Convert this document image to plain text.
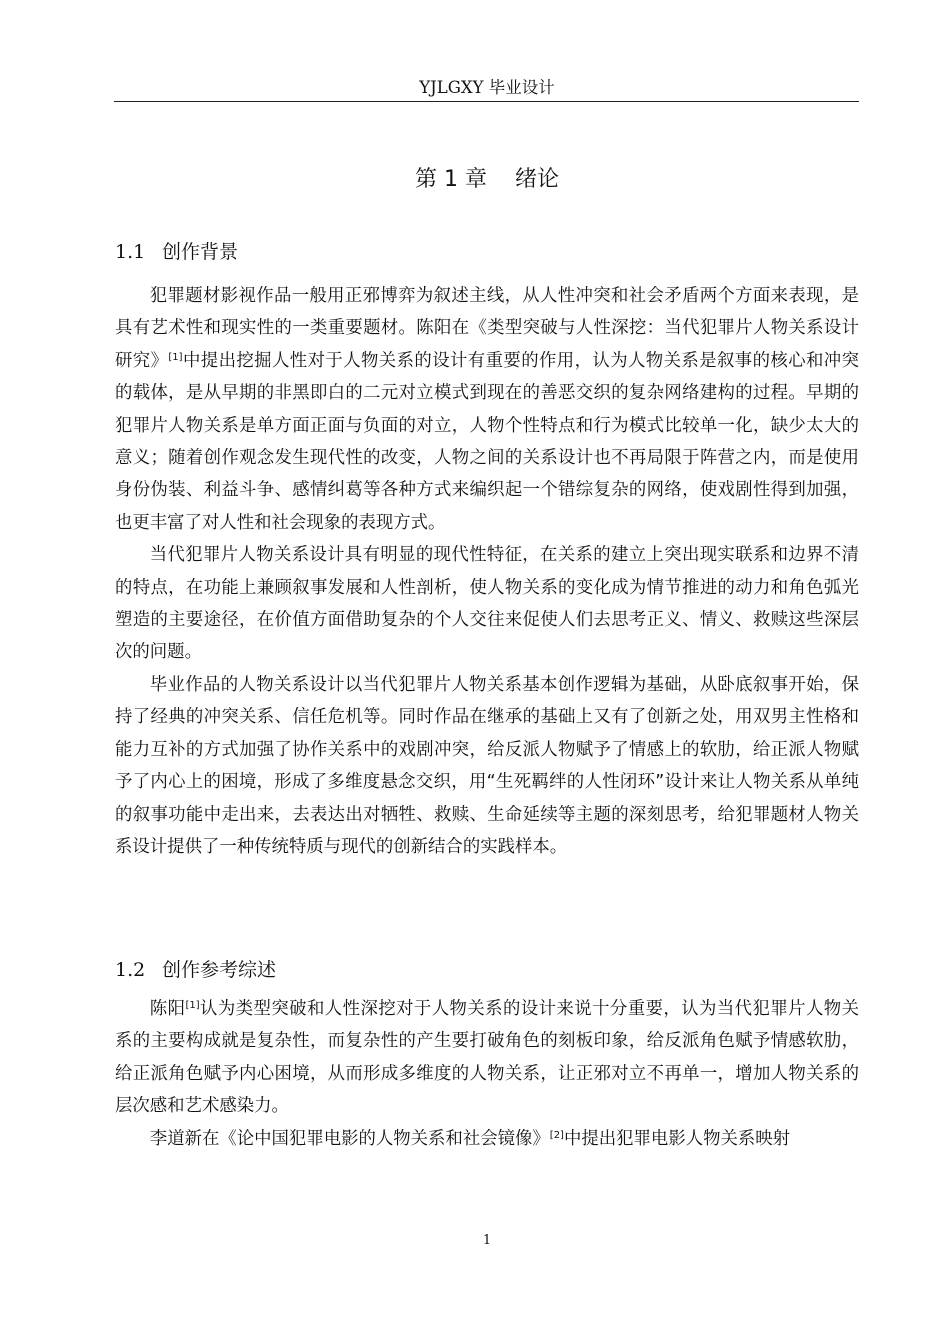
YJLGXY 毕业设计
第 1 章 绪论
1.1 创作背景

犯罪题材影视作品一般用正邪博弈为叙述主线，从人性冲突和社会矛盾两个方面来表现，是具有艺术性和现实性的一类重要题材。陈阳在《类型突破与人性深挖：当代犯罪片人物关系设计研究》[1]中提出挖掘人性对于人物关系的设计有重要的作用，认为人物关系是叙事的核心和冲突的载体，是从早期的非黑即白的二元对立模式到现在的善恶交织的复杂网络建构的过程。早期的犯罪片人物关系是单方面正面与负面的对立，人物个性特点和行为模式比较单一化，缺少太大的意义；随着创作观念发生现代性的改变，人物之间的关系设计也不再局限于阵营之内，而是使用身份伪装、利益斗争、感情纠葛等各种方式来编织起一个错综复杂的网络，使戏剧性得到加强，也更丰富了对人性和社会现象的表现方式。

当代犯罪片人物关系设计具有明显的现代性特征，在关系的建立上突出现实联系和边界不清的特点，在功能上兼顾叙事发展和人性剖析，使人物关系的变化成为情节推进的动力和角色弧光塑造的主要途径，在价值方面借助复杂的个人交往来促使人们去思考正义、情义、救赎这些深层次的问题。

毕业作品的人物关系设计以当代犯罪片人物关系基本创作逻辑为基础，从卧底叙事开始，保持了经典的冲突关系、信任危机等。同时作品在继承的基础上又有了创新之处，用双男主性格和能力互补的方式加强了协作关系中的戏剧冲突，给反派人物赋予了情感上的软肋，给正派人物赋予了内心上的困境，形成了多维度悬念交织，用“生死羁绊的人性闭环”设计来让人物关系从单纯的叙事功能中走出来，去表达出对牺牲、救赎、生命延续等主题的深刻思考，给犯罪题材人物关系设计提供了一种传统特质与现代的创新结合的实践样本。

1.2 创作参考综述

陈阳[1]认为类型突破和人性深挖对于人物关系的设计来说十分重要，认为当代犯罪片人物关系的主要构成就是复杂性，而复杂性的产生要打破角色的刻板印象，给反派角色赋予情感软肋，给正派角色赋予内心困境，从而形成多维度的人物关系，让正邪对立不再单一，增加人物关系的层次感和艺术感染力。

李道新在《论中国犯罪电影的人物关系和社会镜像》[2]中提出犯罪电影人物关系映射

1
